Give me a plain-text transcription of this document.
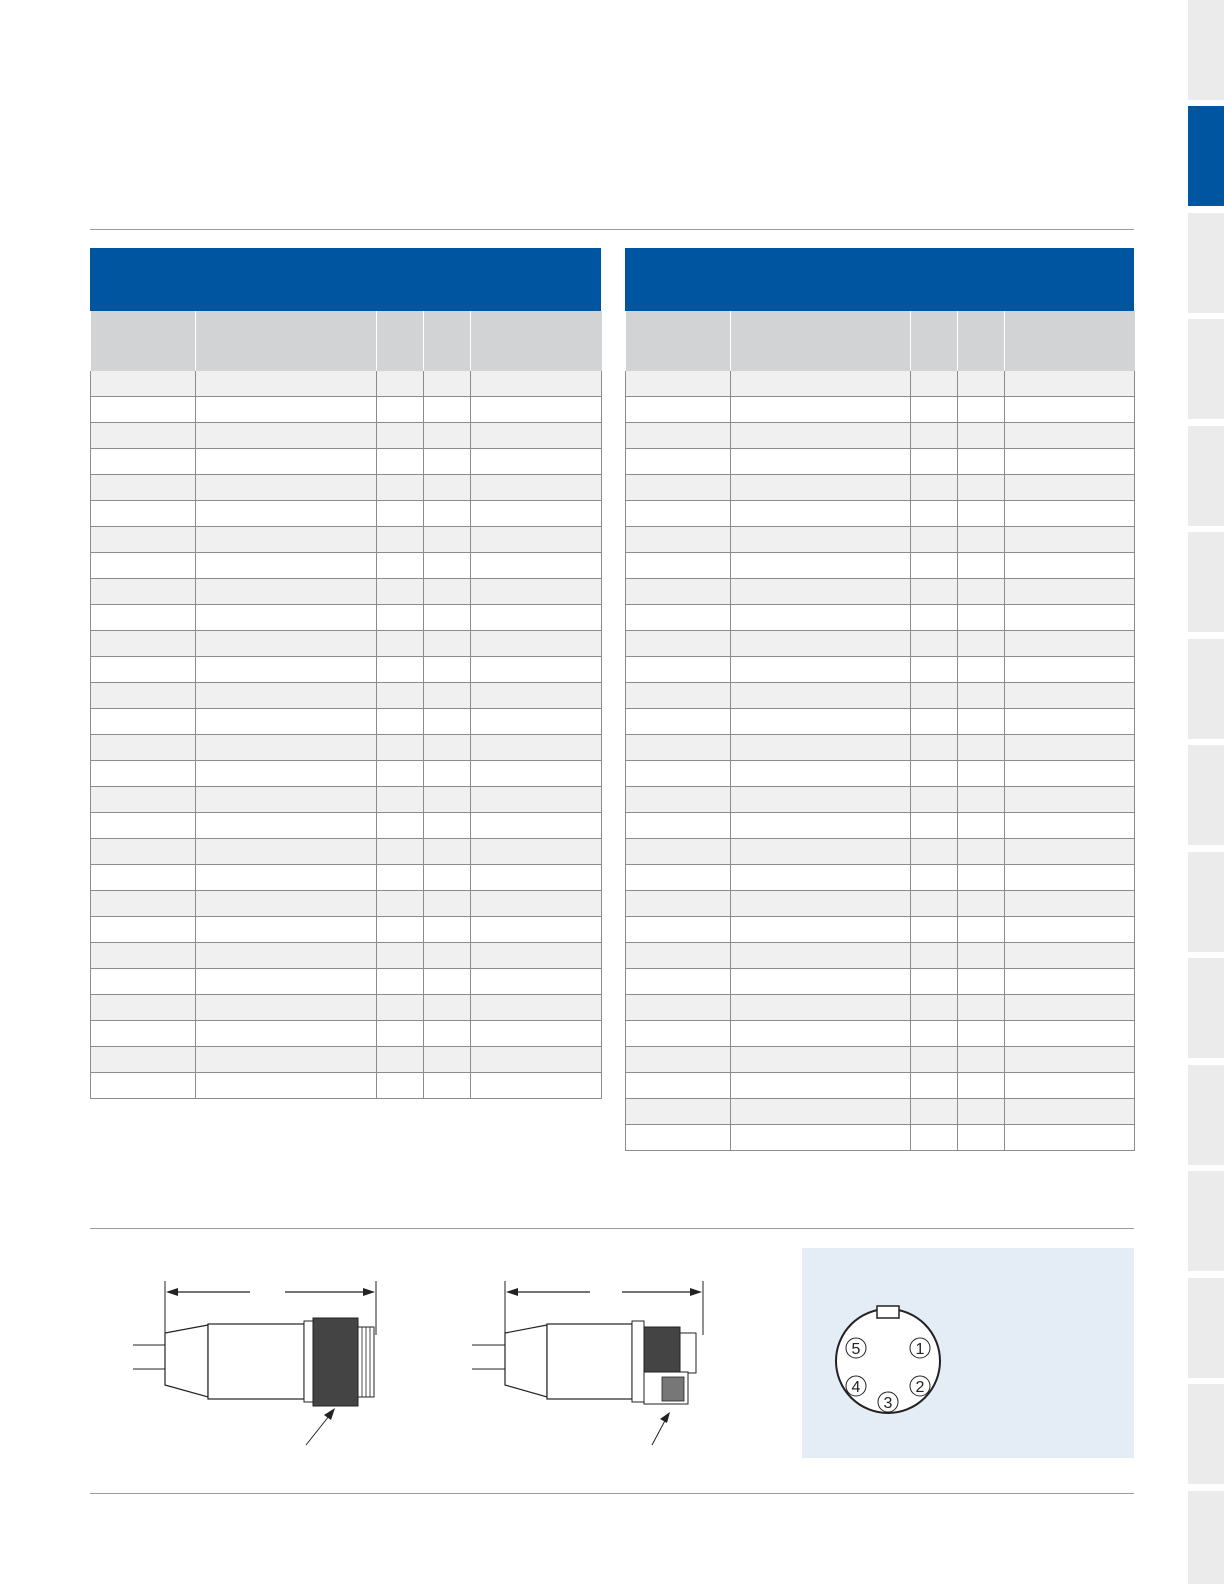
1
2
3
4
5
